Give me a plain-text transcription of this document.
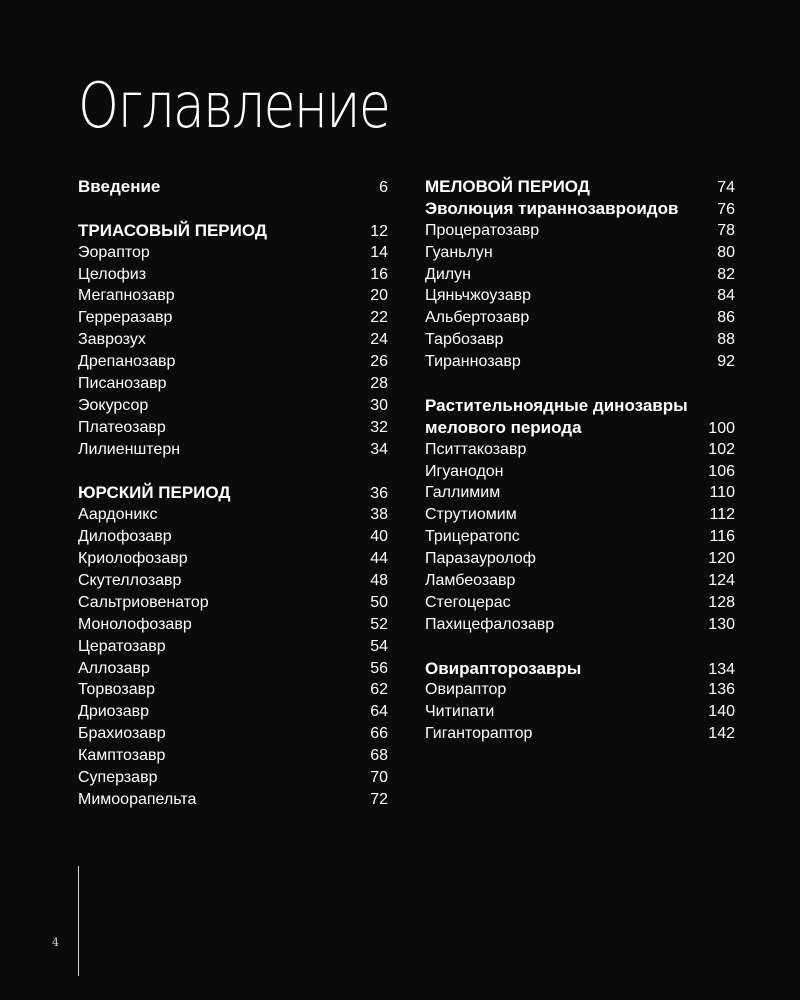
Оглавление
Введение	6
ТРИАСОВЫЙ ПЕРИОД	12
Эораптор	14
Целофиз	16
Мегапнозавр	20
Герреразавр	22
Заврозух	24
Дрепанозавр	26
Писанозавр	28
Эокурсор	30
Платеозавр	32
Лилиенштерн	34
ЮРСКИЙ ПЕРИОД	36
Аардоникс	38
Дилофозавр	40
Криолофозавр	44
Скутеллозавр	48
Сальтриовенатор	50
Монолофозавр	52
Цератозавр	54
Аллозавр	56
Торвозавр	62
Дриозавр	64
Брахиозавр	66
Камптозавр	68
Суперзавр	70
Мимоорапельта	72
МЕЛОВОЙ ПЕРИОД	74
Эволюция тираннозавроидов 76
Процератозавр	78
Гуаньлун	80
Дилун	82
Цяньчжоузавр	84
Альбертозавр	86
Тарбозавр	88
Тираннозавр	92
Растительноядные динозавры
мелового периода	100
Пситтакозавр	102
Игуанодон	106
Галлимим	110
Струтиомим	112
Трицератопс	116
Паразауролоф	120
Ламбеозавр	124
Стегоцерас	128
Пахицефалозавр	130
Овирапторозавры	134
Овираптор	136
Читипати	140
Гигантораптор	142
4
